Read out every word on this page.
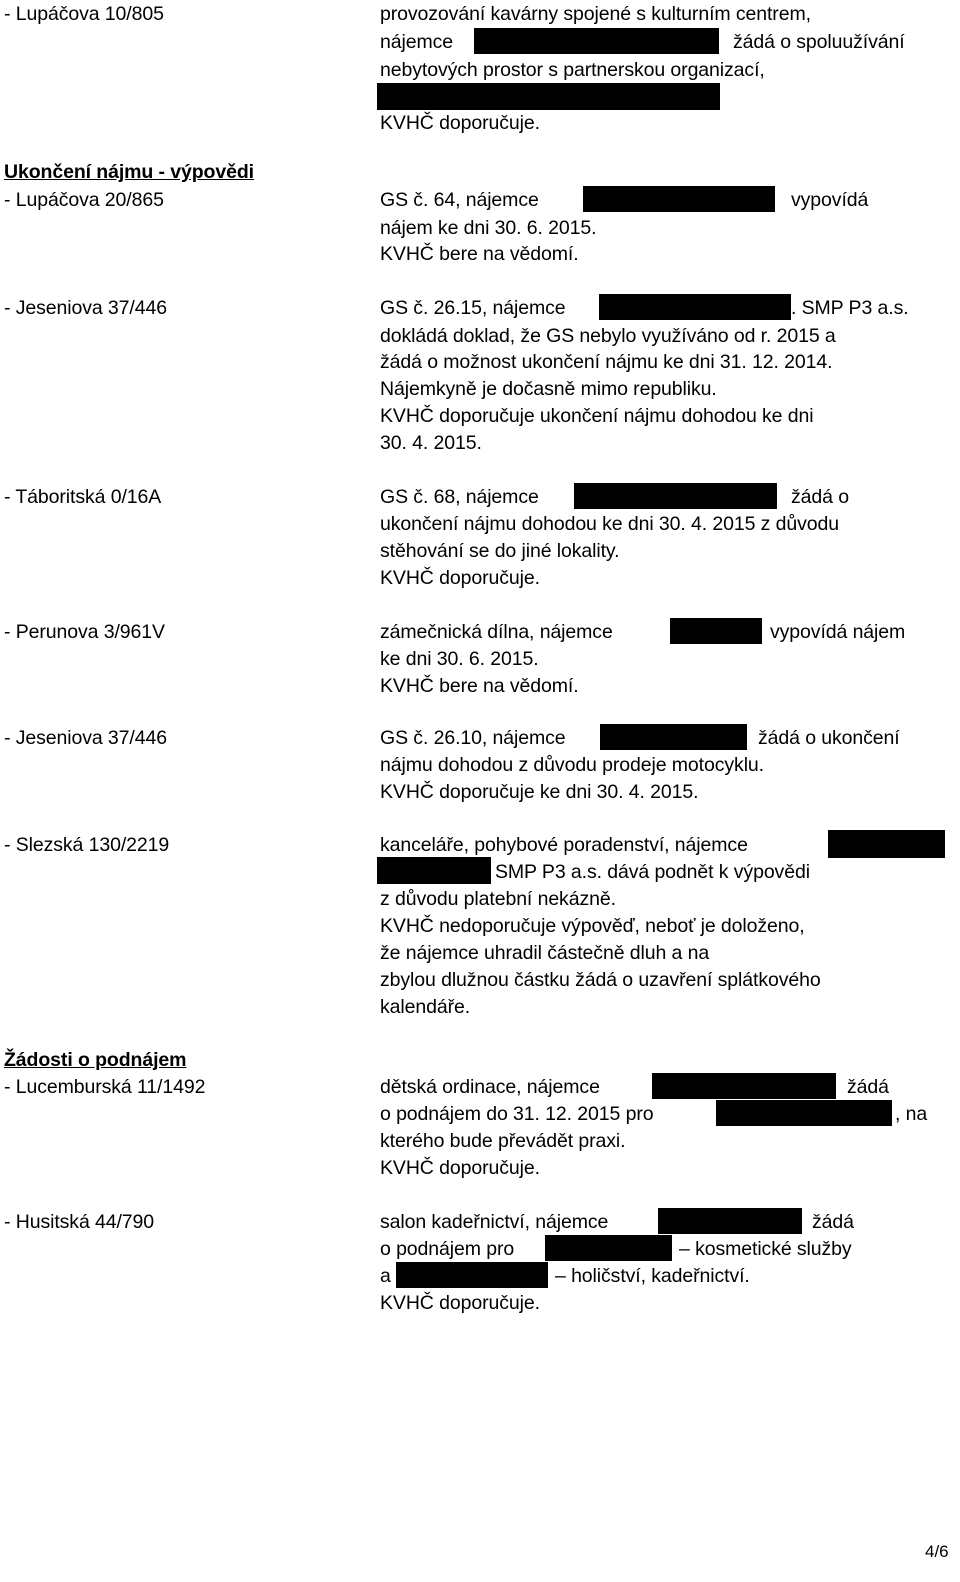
- Lupáčova 10/805	provozování kavárny spojené s kulturním centrem,
nájemce	žádá o spoluužívání
nebytových prostor s partnerskou organizací,
KVHČ doporučuje.
Ukončení nájmu - výpovědi
- Lupáčova 20/865	GS č. 64, nájemce	vypovídá
nájem ke dni 30. 6. 2015.
KVHČ bere na vědomí.
- Jeseniova 37/446	GS č. 26.15, nájemce	. SMP P3 a.s.
dokládá doklad, že GS nebylo využíváno od r. 2015 a
žádá o možnost ukončení nájmu ke dni 31. 12. 2014.
Nájemkyně je dočasně mimo republiku.
KVHČ doporučuje ukončení nájmu dohodou ke dni
30. 4. 2015.
- Táboritská 0/16A	GS č. 68, nájemce	žádá o
ukončení nájmu dohodou ke dni 30. 4. 2015 z důvodu
stěhování se do jiné lokality.
KVHČ doporučuje.
- Perunova 3/961V	zámečnická dílna, nájemce	vypovídá nájem
ke dni 30. 6. 2015.
KVHČ bere na vědomí.
- Jeseniova 37/446	GS č. 26.10, nájemce	žádá o ukončení
nájmu dohodou z důvodu prodeje motocyklu.
KVHČ doporučuje ke dni 30. 4. 2015.
- Slezská 130/2219	kanceláře, pohybové poradenství, nájemce
SMP P3 a.s. dává podnět k výpovědi
z důvodu platební nekázně.
KVHČ nedoporučuje výpověď, neboť je doloženo,
že nájemce uhradil částečně dluh a na
zbylou dlužnou částku žádá o uzavření splátkového
kalendáře.
Žádosti o podnájem
- Lucemburská 11/1492	dětská ordinace, nájemce	žádá
o podnájem do 31. 12. 2015 pro	, na
kterého bude převádět praxi.
KVHČ doporučuje.
- Husitská 44/790	salon kadeřnictví, nájemce	žádá
o podnájem pro	– kosmetické služby
a	– holičství, kadeřnictví.
KVHČ doporučuje.
4/6
